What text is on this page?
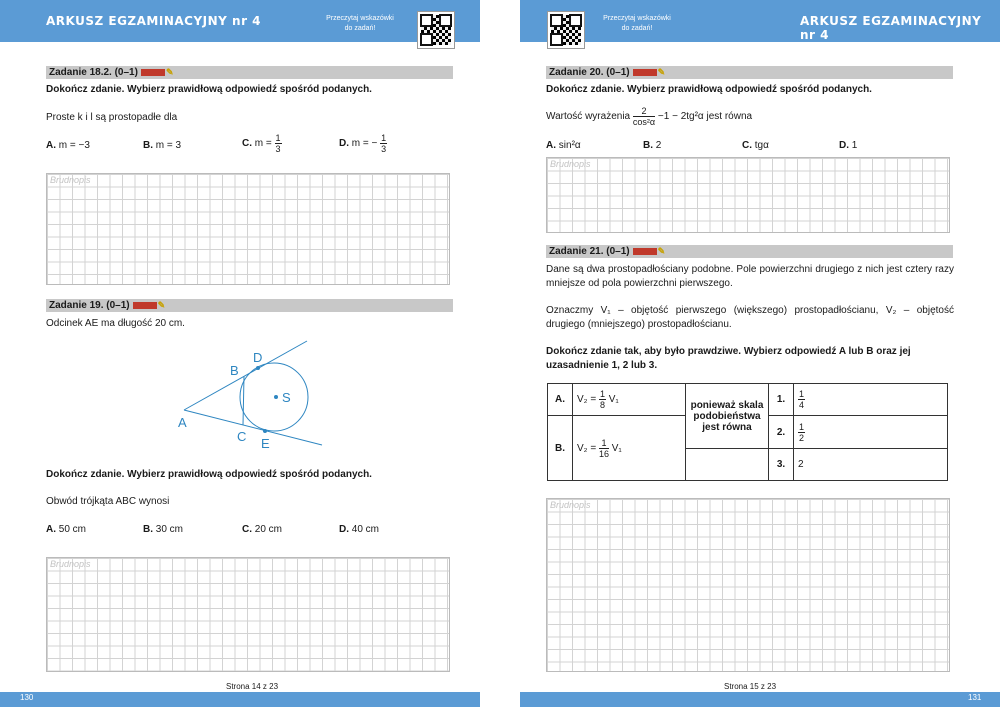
ARKUSZ EGZAMINACYJNY nr 4	ARKUSZ EGZAMINACYJNY nr 4
Przeczytaj wskazówki
do zadań!
Przeczytaj wskazówki
do zadań!
Zadanie 18.2. (0–1)	✎
Dokończ zdanie. Wybierz prawidłową odpowiedź spośród podanych.
Proste k i l są prostopadłe dla
A. m = −3	B. m = 3	C. $m = \frac{1}{3}$	D. m = − $\frac{1}{3}$
Brudnopis
Zadanie 19. (0–1)	✎
Odcinek AE ma długość 20 cm.
A
B
C
D
E
S
Dokończ zdanie. Wybierz prawidłową odpowiedź spośród podanych.
Obwód trójkąta ABC wynosi
A. 50 cm	B. 30 cm	C. 20 cm	D. 40 cm
Brudnopis
Zadanie 20. (0–1)	✎
Dokończ zdanie. Wybierz prawidłową odpowiedź spośród podanych.
Wartość wyrażenia $\frac{2}{\text{cos²α}} -1 - 2tg^2\alpha$ jest równa
A. sin²α	B. 2	C. tgα	D. 1
Brudnopis
Zadanie 21. (0–1)	✎
Dane są dwa prostopadłościany podobne. Pole powierzchni drugiego z nich jest cztery razy mniejsze od pola powierzchni pierwszego.
Oznaczmy V₁ – objętość pierwszego (większego) prostopadłościanu, V₂ – objętość drugiego (mniejszego) prostopadłościanu.
Dokończ zdanie tak, aby było prawdziwe. Wybierz odpowiedź A lub B oraz jej uzasadnienie 1, 2 lub 3.
A.	$V_2 = \frac{1}{8} V_1$	ponieważ skala podobieństwa jest równa	1.	$\frac{1}{4}$

B.	$V_2 = \frac{1}{16} V_1$		2.	$\frac{1}{2}$

			3.	2
Brudnopis
Strona 14 z 23	Strona 15 z 23
130	131
